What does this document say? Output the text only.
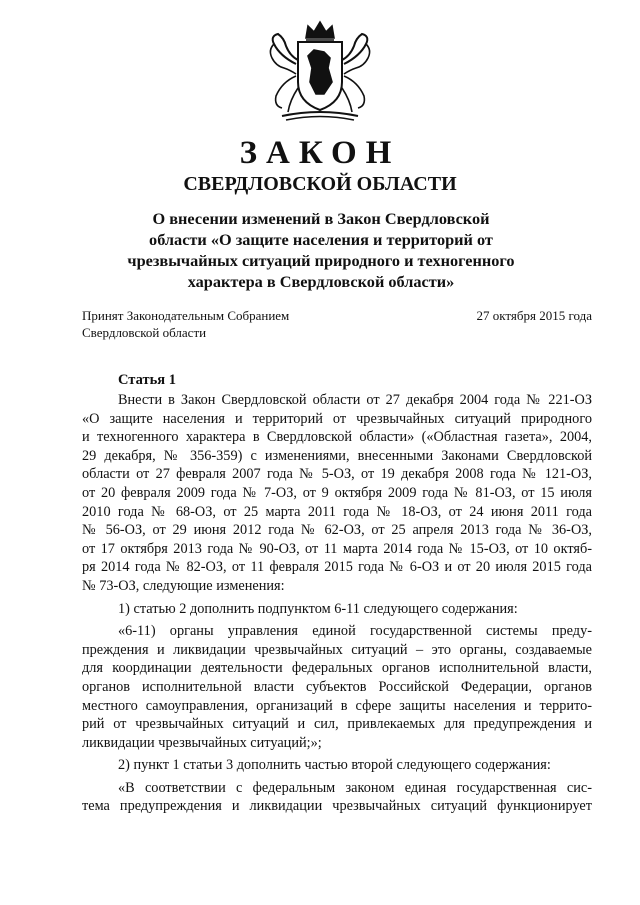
ЗАКОН
СВЕРДЛОВСКОЙ ОБЛАСТИ
О внесении изменений в Закон Свердловской
области «О защите населения и территорий от
чрезвычайных ситуаций природного и техногенного
характера в Свердловской области»
Принят Законодательным Собранием
Свердловской области
27 октября 2015 года
Статья 1
Внести в Закон Свердловской области от 27 декабря 2004 года № 221-ОЗ
«О защите населения и территорий от чрезвычайных ситуаций природного
и техногенного характера в Свердловской области» («Областная газета», 2004,
29 декабря, № 356-359) с изменениями, внесенными Законами Свердловской
области от 27 февраля 2007 года № 5-ОЗ, от 19 декабря 2008 года № 121-ОЗ,
от 20 февраля 2009 года № 7-ОЗ, от 9 октября 2009 года № 81-ОЗ, от 15 июля
2010 года № 68-ОЗ, от 25 марта 2011 года № 18-ОЗ, от 24 июня 2011 года
№ 56-ОЗ, от 29 июня 2012 года № 62-ОЗ, от 25 апреля 2013 года № 36-ОЗ,
от 17 октября 2013 года № 90-ОЗ, от 11 марта 2014 года № 15-ОЗ, от 10 октяб-
ря 2014 года № 82-ОЗ, от 11 февраля 2015 года № 6-ОЗ и от 20 июля 2015 года
№ 73-ОЗ, следующие изменения:

1) статью 2 дополнить подпунктом 6-11 следующего содержания:

«6-11) органы управления единой государственной системы преду-
преждения и ликвидации чрезвычайных ситуаций – это органы, создаваемые
для координации деятельности федеральных органов исполнительной власти,
органов исполнительной власти субъектов Российской Федерации, органов
местного самоуправления, организаций в сфере защиты населения и террито-
рий от чрезвычайных ситуаций и сил, привлекаемых для предупреждения и
ликвидации чрезвычайных ситуаций;»;

2) пункт 1 статьи 3 дополнить частью второй следующего содержания:

«В соответствии с федеральным законом единая государственная сис-
тема предупреждения и ликвидации чрезвычайных ситуаций функционирует
